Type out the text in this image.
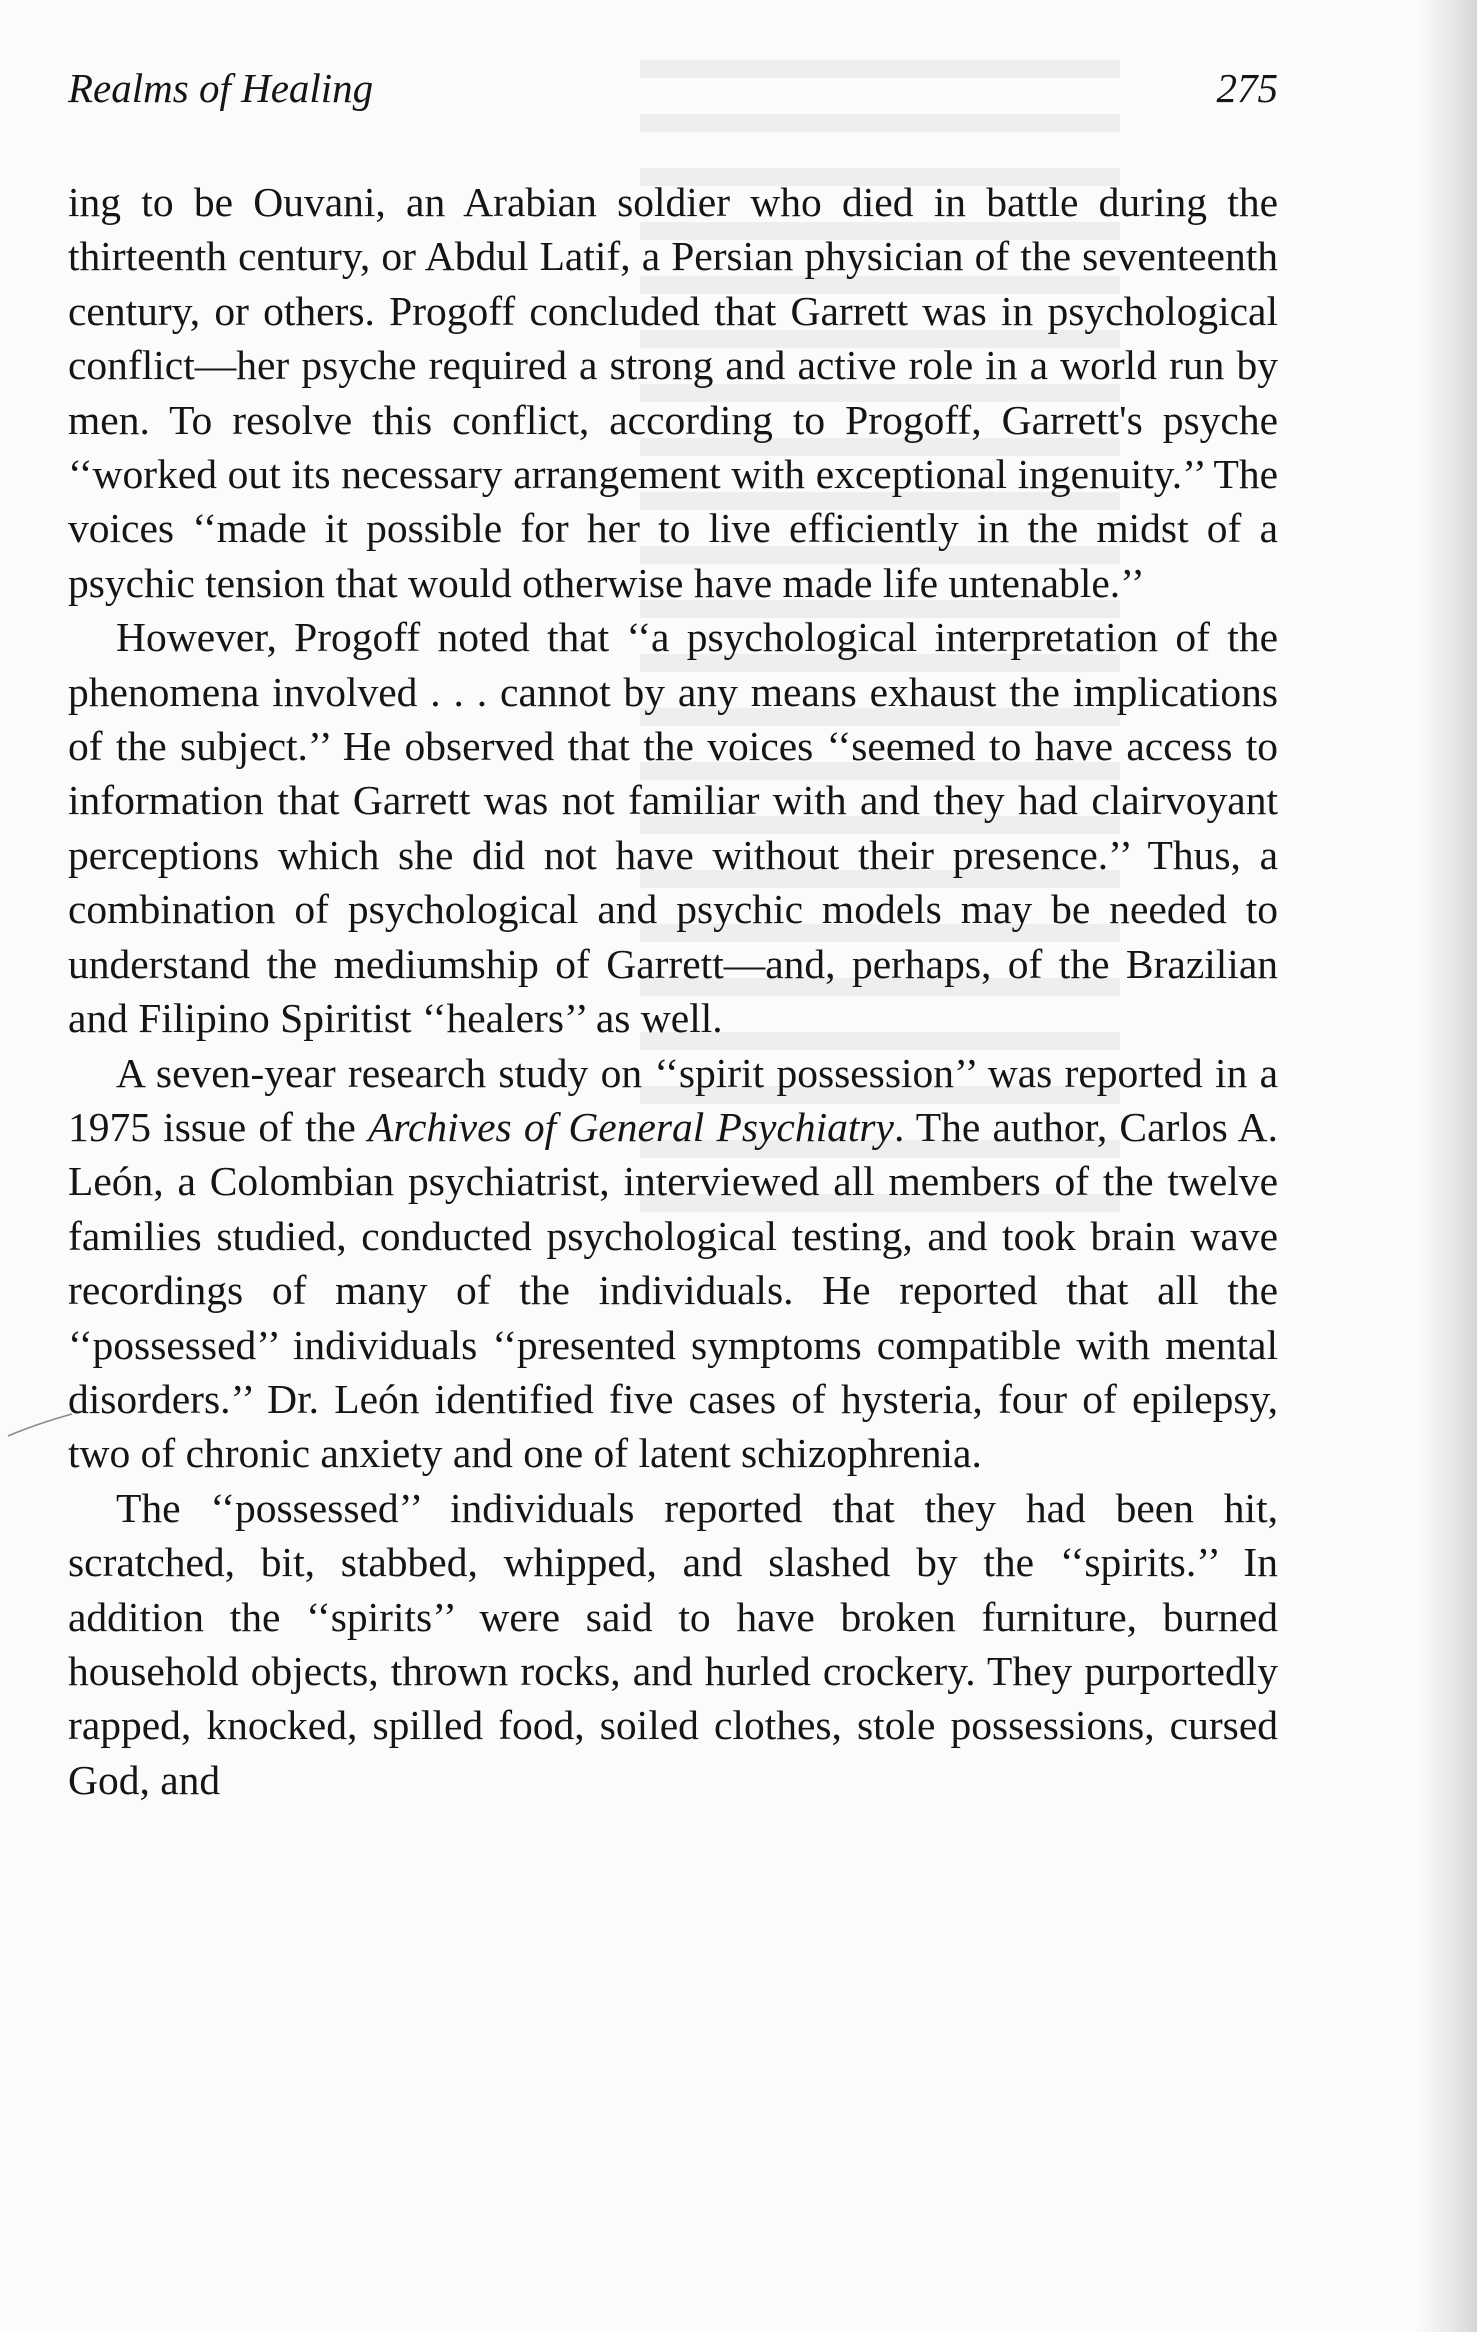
Realms of Healing	275

ing to be Ouvani, an Arabian soldier who died in battle during the thirteenth century, or Abdul Latif, a Persian physician of the seventeenth century, or others. Progoff concluded that Garrett was in psychological conflict—her psyche required a strong and active role in a world run by men. To resolve this conflict, according to Progoff, Garrett's psyche ‘‘worked out its necessary arrangement with exceptional ingenuity.’’ The voices ‘‘made it possible for her to live efficiently in the midst of a psychic tension that would otherwise have made life untenable.’’

However, Progoff noted that ‘‘a psychological interpretation of the phenomena involved . . . cannot by any means exhaust the implications of the subject.’’ He observed that the voices ‘‘seemed to have access to information that Garrett was not familiar with and they had clairvoyant perceptions which she did not have without their presence.’’ Thus, a combination of psychological and psychic models may be needed to understand the mediumship of Garrett—and, perhaps, of the Brazilian and Filipino Spiritist ‘‘healers’’ as well.

A seven-year research study on ‘‘spirit possession’’ was reported in a 1975 issue of the Archives of General Psychiatry. The author, Carlos A. León, a Colombian psychiatrist, interviewed all members of the twelve families studied, conducted psychological testing, and took brain wave recordings of many of the individuals. He reported that all the ‘‘possessed’’ individuals ‘‘presented symptoms compatible with mental disorders.’’ Dr. León identified five cases of hysteria, four of epilepsy, two of chronic anxiety and one of latent schizophrenia.

The ‘‘possessed’’ individuals reported that they had been hit, scratched, bit, stabbed, whipped, and slashed by the ‘‘spirits.’’ In addition the ‘‘spirits’’ were said to have broken furniture, burned household objects, thrown rocks, and hurled crockery. They purportedly rapped, knocked, spilled food, soiled clothes, stole possessions, cursed God, and
